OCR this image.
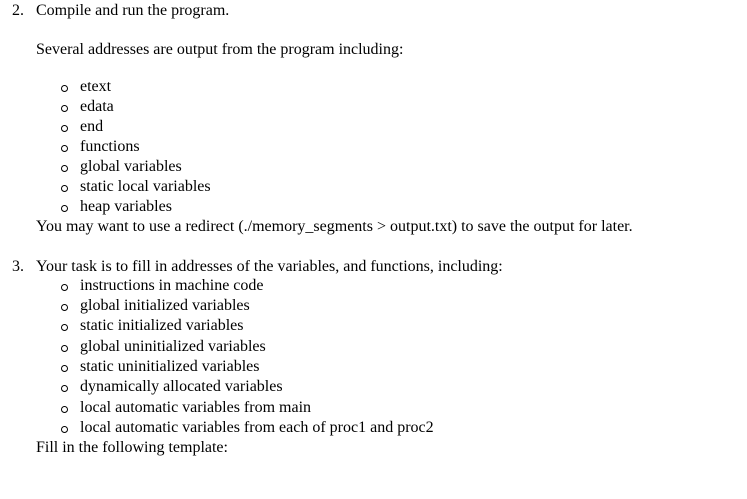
2. Compile and run the program.
Several addresses are output from the program including:
etext
edata
end
functions
global variables
static local variables
heap variables
You may want to use a redirect (./memory_segments > output.txt) to save the output for later.
3. Your task is to fill in addresses of the variables, and functions, including:
instructions in machine code
global initialized variables
static initialized variables
global uninitialized variables
static uninitialized variables
dynamically allocated variables
local automatic variables from main
local automatic variables from each of proc1 and proc2
Fill in the following template:
